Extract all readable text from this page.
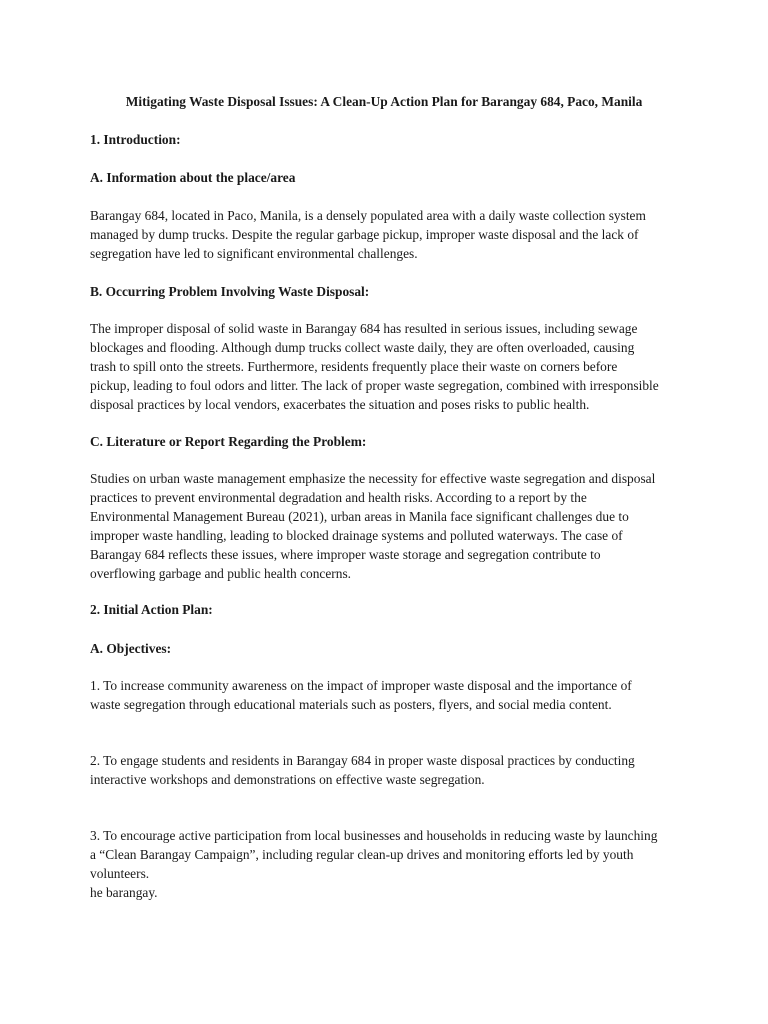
Mitigating Waste Disposal Issues: A Clean-Up Action Plan for Barangay 684, Paco, Manila

1. Introduction:

A. Information about the place/area

Barangay 684, located in Paco, Manila, is a densely populated area with a daily waste collection system
managed by dump trucks. Despite the regular garbage pickup, improper waste disposal and the lack of
segregation have led to significant environmental challenges.

B. Occurring Problem Involving Waste Disposal:

The improper disposal of solid waste in Barangay 684 has resulted in serious issues, including sewage
blockages and flooding. Although dump trucks collect waste daily, they are often overloaded, causing
trash to spill onto the streets. Furthermore, residents frequently place their waste on corners before
pickup, leading to foul odors and litter. The lack of proper waste segregation, combined with irresponsible
disposal practices by local vendors, exacerbates the situation and poses risks to public health.

C. Literature or Report Regarding the Problem:

Studies on urban waste management emphasize the necessity for effective waste segregation and disposal
practices to prevent environmental degradation and health risks. According to a report by the
Environmental Management Bureau (2021), urban areas in Manila face significant challenges due to
improper waste handling, leading to blocked drainage systems and polluted waterways. The case of
Barangay 684 reflects these issues, where improper waste storage and segregation contribute to
overflowing garbage and public health concerns.

2. Initial Action Plan:

A. Objectives:

1. To increase community awareness on the impact of improper waste disposal and the importance of
waste segregation through educational materials such as posters, flyers, and social media content.
2. To engage students and residents in Barangay 684 in proper waste disposal practices by conducting
interactive workshops and demonstrations on effective waste segregation.
3. To encourage active participation from local businesses and households in reducing waste by launching
a “Clean Barangay Campaign”, including regular clean-up drives and monitoring efforts led by youth
volunteers.
he barangay.
